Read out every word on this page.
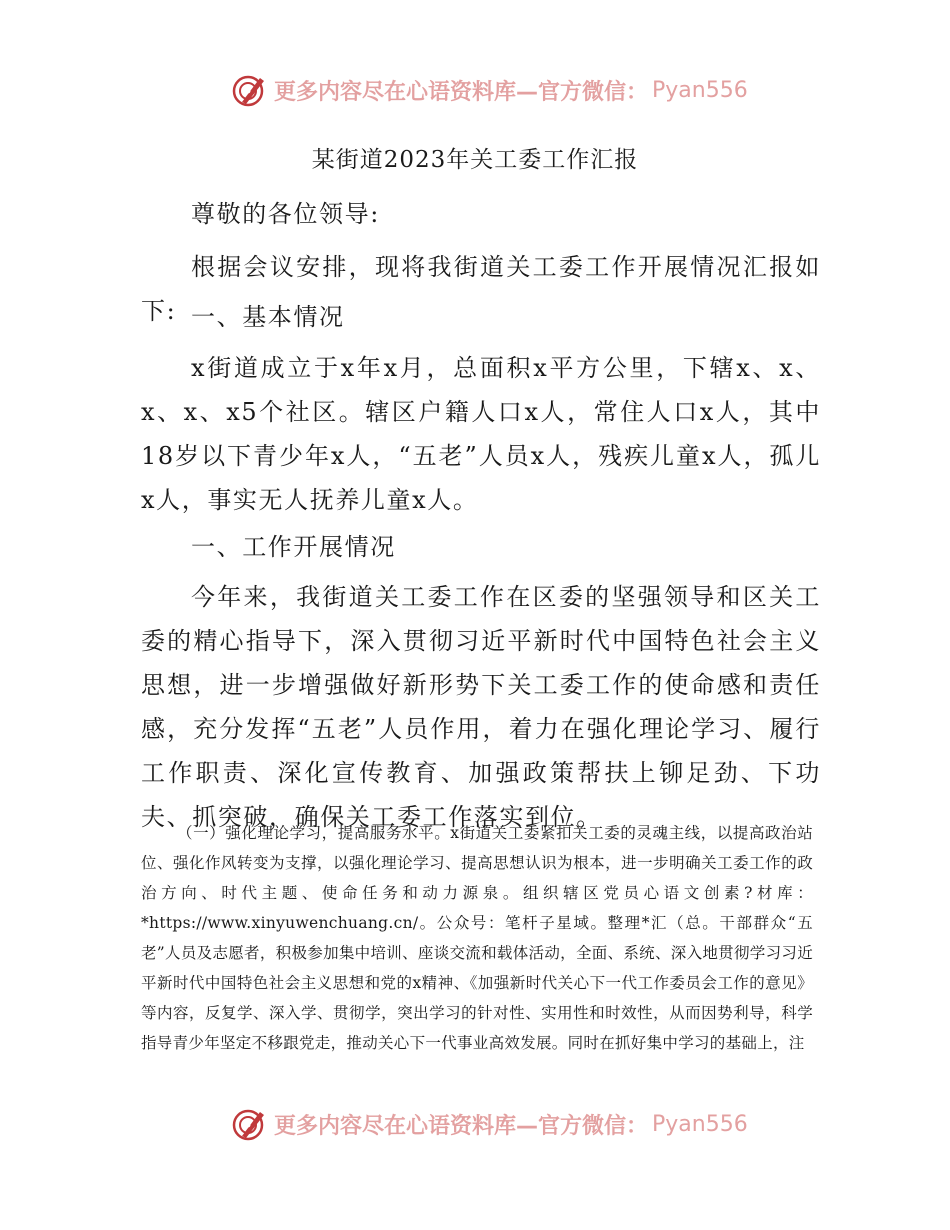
更多内容尽在心语资料库—官方微信： Pyan556
某街道2023年关工委工作汇报

尊敬的各位领导:

根据会议安排，现将我街道关工委工作开展情况汇报如下: 一、基本情况

x街道成立于x年x月，总面积x平方公里，下辖x、x、x、x、x5个社区。辖区户籍人口x人，常住人口x人，其中18岁以下青少年x人，“五老”人员x人，残疾儿童x人，孤儿x人，事实无人抚养儿童x人。

一、工作开展情况

今年来，我街道关工委工作在区委的坚强领导和区关工委的精心指导下，深入贯彻习近平新时代中国特色社会主义思想，进一步增强做好新形势下关工委工作的使命感和责任感，充分发挥“五老”人员作用，着力在强化理论学习、履行工作职责、深化宣传教育、加强政策帮扶上铆足劲、下功夫、抓突破，确保关工委工作落实到位。

（一）强化理论学习，提高服务水平。x街道关工委紧扣关工委的灵魂主线，以提高政治站位、强化作风转变为支撑，以强化理论学习、提高思想认识为根本，进一步明确关工委工作的政治方向、时代主题、使命任务和动力源泉。组织辖区党员心语文创素?材库：*https://www.xinyuwenchuang.cn/。公众号：笔杆子星域。整理*汇（总。干部群众“五老”人员及志愿者，积极参加集中培训、座谈交流和载体活动，全面、系统、深入地贯彻学习习近平新时代中国特色社会主义思想和党的x精神、《加强新时代关心下一代工作委员会工作的意见》等内容，反复学、深入学、贯彻学，突出学习的针对性、实用性和时效性，从而因势利导，科学指导青少年坚定不移跟党走，推动关心下一代事业高效发展。同时在抓好集中学习的基础上，注

更多内容尽在心语资料库—官方微信： Pyan556
